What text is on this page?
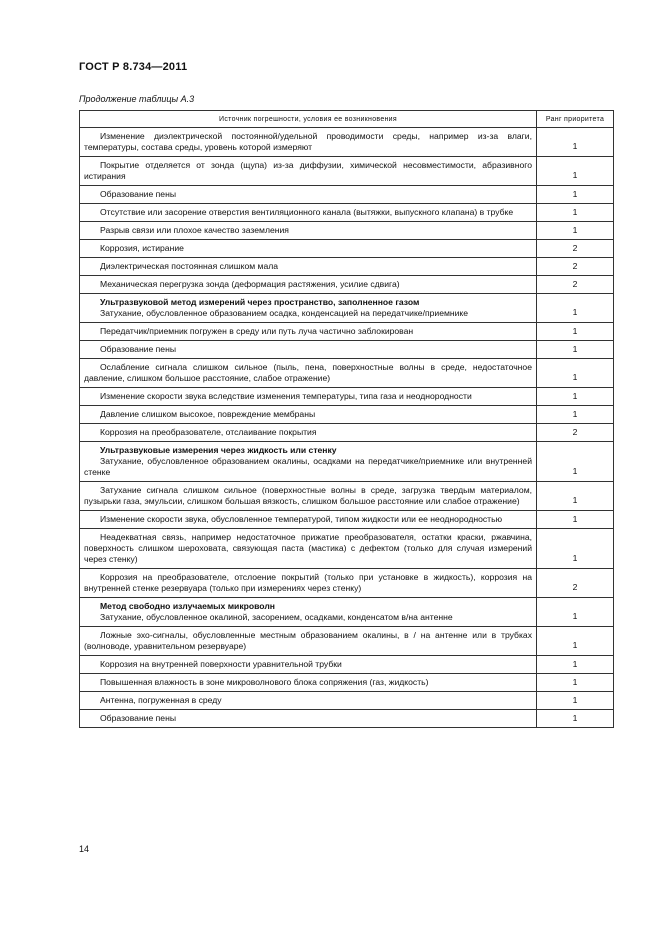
ГОСТ Р 8.734—2011
Продолжение таблицы А.3
Источник погрешности, условия ее возникновения	Ранг приоритета

Изменение диэлектрической постоянной/удельной проводимости среды, например из-за влаги, температуры, состава среды, уровень которой измеряют	1

Покрытие отделяется от зонда (щупа) из-за диффузии, химической несовместимости, абразивного истирания	1

Образование пены	1

Отсутствие или засорение отверстия вентиляционного канала (вытяжки, выпускного клапана) в трубке	1

Разрыв связи или плохое качество заземления	1

Коррозия, истирание	2

Диэлектрическая постоянная слишком мала	2

Механическая перегрузка зонда (деформация растяжения, усилие сдвига)	2

Ультразвуковой метод измерений через пространство, заполненное газом
Затухание, обусловленное образованием осадка, конденсацией на передатчике/приемнике	1

Передатчик/приемник погружен в среду или путь луча частично заблокирован	1

Образование пены	1

Ослабление сигнала слишком сильное (пыль, пена, поверхностные волны в среде, недостаточное давление, слишком большое расстояние, слабое отражение)	1

Изменение скорости звука вследствие изменения температуры, типа газа и неоднородности	1

Давление слишком высокое, повреждение мембраны	1

Коррозия на преобразователе, отслаивание покрытия	2

Ультразвуковые измерения через жидкость или стенку
Затухание, обусловленное образованием окалины, осадками на передатчике/приемнике или внутренней стенке	1

Затухание сигнала слишком сильное (поверхностные волны в среде, загрузка твердым материалом, пузырьки газа, эмульсии, слишком большая вязкость, слишком большое расстояние или слабое отражение)	1

Изменение скорости звука, обусловленное температурой, типом жидкости или ее неоднородностью	1

Неадекватная связь, например недостаточное прижатие преобразователя, остатки краски, ржавчина, поверхность слишком шероховата, связующая паста (мастика) с дефектом (только для случая измерений через стенку)	1

Коррозия на преобразователе, отслоение покрытий (только при установке в жидкость), коррозия на внутренней стенке резервуара (только при измерениях через стенку)	2

Метод свободно излучаемых микроволн
Затухание, обусловленное окалиной, засорением, осадками, конденсатом в/на антенне	1

Ложные эхо-сигналы, обусловленные местным образованием окалины, в / на антенне или в трубках (волноводе, уравнительном резервуаре)	1

Коррозия на внутренней поверхности уравнительной трубки	1

Повышенная влажность в зоне микроволнового блока сопряжения (газ, жидкость)	1

Антенна, погруженная в среду	1

Образование пены	1
14
